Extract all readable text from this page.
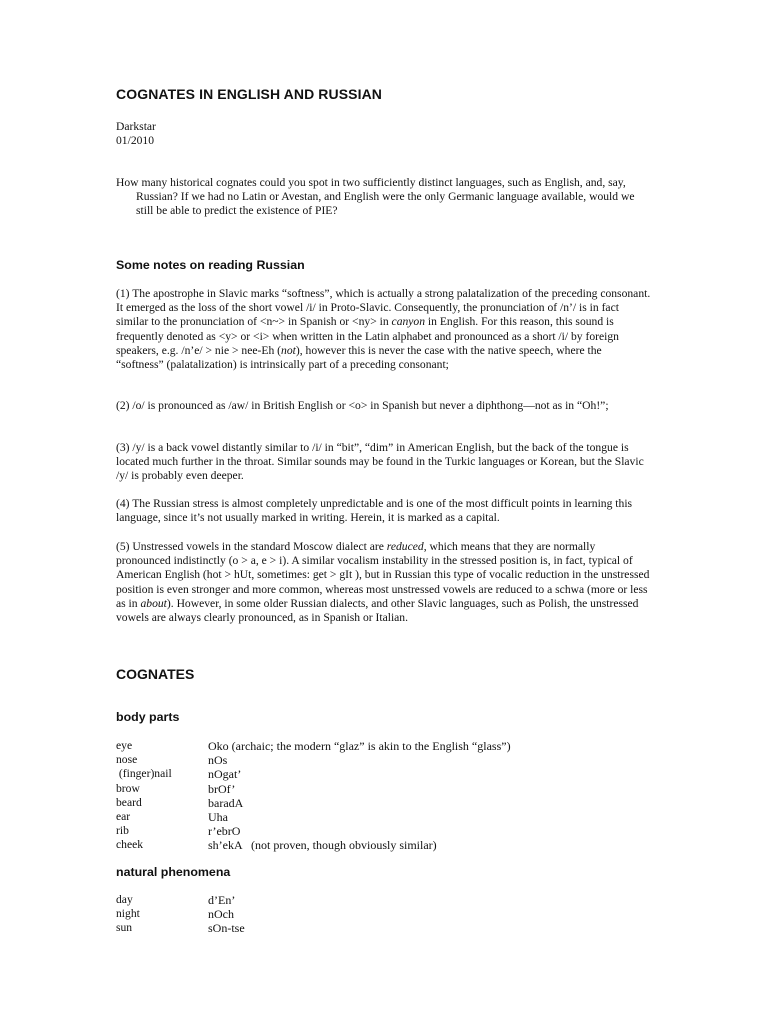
COGNATES IN ENGLISH AND RUSSIAN
Darkstar
01/2010

How many historical cognates could you spot in two sufficiently distinct languages, such as English, and, say, Russian? If we had no Latin or Avestan, and English were the only Germanic language available, would we still be able to predict the existence of PIE?

Some notes on reading Russian

(1) The apostrophe in Slavic marks “softness”, which is actually a strong palatalization of the preceding consonant. It emerged as the loss of the short vowel /i/ in Proto-Slavic. Consequently, the pronunciation of /n’/ is in fact similar to the pronunciation of <n~> in Spanish or <ny> in canyon in English. For this reason, this sound is frequently denoted as <y> or <i> when written in the Latin alphabet and pronounced as a short /i/ by foreign speakers, e.g. /n’e/ > nie > nee-Eh (not), however this is never the case with the native speech, where the “softness” (palatalization) is intrinsically part of a preceding consonant;

(2) /o/ is pronounced as /aw/ in British English or <o> in Spanish but never a diphthong—not as in “Oh!”;

(3) /y/ is a back vowel distantly similar to /i/ in “bit”, “dim” in American English, but the back of the tongue is located much further in the throat. Similar sounds may be found in the Turkic languages or Korean, but the Slavic /y/ is probably even deeper.

(4) The Russian stress is almost completely unpredictable and is one of the most difficult points in learning this language, since it’s not usually marked in writing. Herein, it is marked as a capital.

(5) Unstressed vowels in the standard Moscow dialect are reduced, which means that they are normally pronounced indistinctly (o > a, e > i). A similar vocalism instability in the stressed position is, in fact, typical of American English (hot > hUt, sometimes: get > gIt ), but in Russian this type of vocalic reduction in the unstressed position is even stronger and more common, whereas most unstressed vowels are reduced to a schwa (more or less as in about). However, in some older Russian dialects, and other Slavic languages, such as Polish, the unstressed vowels are always clearly pronounced, as in Spanish or Italian.

COGNATES
body parts
eye	Oko (archaic; the modern “glaz” is akin to the English “glass”)
nose	nOs
(finger)nail	nOgat’
brow	brOf’
beard	baradA
ear	Uha
rib	r’ebrO
cheek	sh’ekA   (not proven, though obviously similar)
natural phenomena
day	d’En’
night	nOch
sun	sOn-tse
